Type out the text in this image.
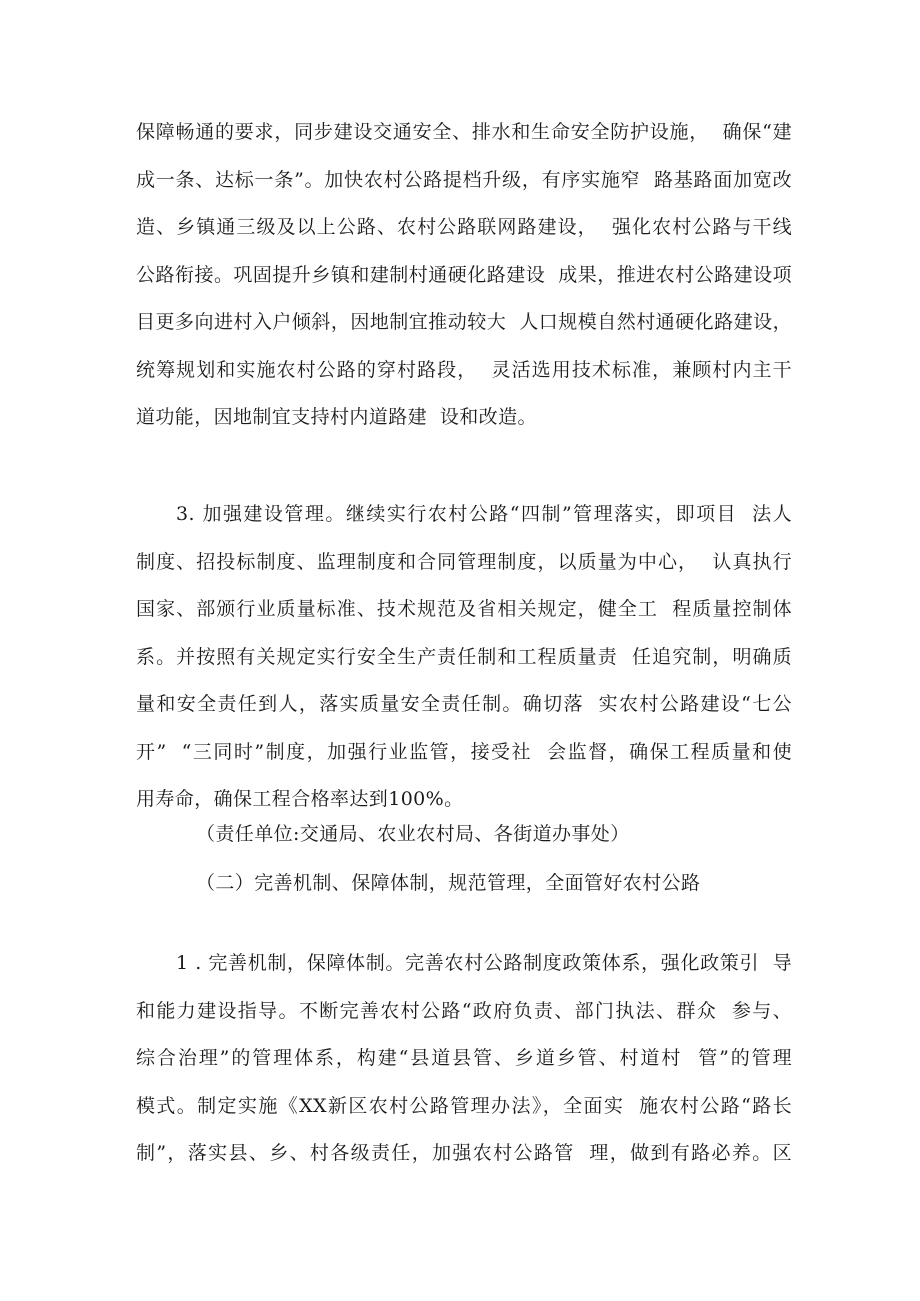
保障畅通的要求，同步建设交通安全、排水和生命安全防护设施，  确保“建
成一条、达标一条”。加快农村公路提档升级，有序实施窄  路基路面加宽改
造、乡镇通三级及以上公路、农村公路联网路建设，  强化农村公路与干线
公路衔接。巩固提升乡镇和建制村通硬化路建设  成果，推进农村公路建设项
目更多向进村入户倾斜，因地制宜推动较大  人口规模自然村通硬化路建设，
统筹规划和实施农村公路的穿村路段，  灵活选用技术标准，兼顾村内主干
道功能，因地制宜支持村内道路建  设和改造。
3. 加强建设管理。继续实行农村公路“四制”管理落实，即项目  法人
制度、招投标制度、监理制度和合同管理制度，以质量为中心，  认真执行
国家、部颁行业质量标准、技术规范及省相关规定，健全工  程质量控制体
系。并按照有关规定实行安全生产责任制和工程质量责  任追究制，明确质
量和安全责任到人，落实质量安全责任制。确切落  实农村公路建设“七公
开”  “三同时”制度，加强行业监管，接受社  会监督，确保工程质量和使
用寿命，确保工程合格率达到100%。
（责任单位:交通局、农业农村局、各街道办事处）
（二）完善机制、保障体制，规范管理，全面管好农村公路
1 . 完善机制，保障体制。完善农村公路制度政策体系，强化政策引  导
和能力建设指导。不断完善农村公路“政府负责、部门执法、群众  参与、
综合治理”的管理体系，构建“县道县管、乡道乡管、村道村  管”的管理
模式。制定实施《XX新区农村公路管理办法》，全面实  施农村公路“路长
制”，落实县、乡、村各级责任，加强农村公路管  理，做到有路必养。区
